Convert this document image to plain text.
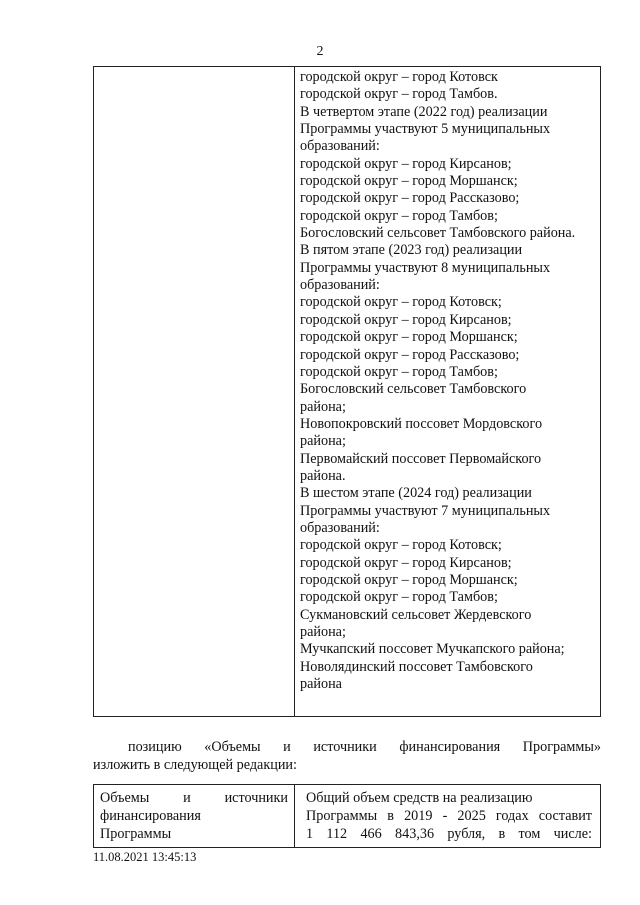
2
городской округ – город Котовск
городской округ – город Тамбов.
В четвертом этапе (2022 год) реализации
Программы участвуют 5 муниципальных
образований:
городской округ – город Кирсанов;
городской округ – город Моршанск;
городской округ – город Рассказово;
городской округ – город Тамбов;
Богословский сельсовет Тамбовского района.
В пятом этапе (2023 год) реализации
Программы участвуют 8 муниципальных
образований:
городской округ – город Котовск;
городской округ – город Кирсанов;
городской округ – город Моршанск;
городской округ – город Рассказово;
городской округ – город Тамбов;
Богословский сельсовет Тамбовского
района;
Новопокровский поссовет Мордовского
района;
Первомайский поссовет Первомайского
района.
В шестом этапе (2024 год) реализации
Программы участвуют 7 муниципальных
образований:
городской округ – город Котовск;
городской округ – город Кирсанов;
городской округ – город Моршанск;
городской округ – город Тамбов;
Сукмановский сельсовет Жердевского
района;
Мучкапский поссовет Мучкапского района;
Новолядинский поссовет Тамбовского
района
позицию «Объемы и источники финансирования Программы»
изложить в следующей редакции:
Объемы и источники
финансирования
Программы
Общий объем средств на реализацию
Программы в 2019 - 2025 годах составит
1 112 466 843,36 рубля, в том числе:
11.08.2021 13:45:13
